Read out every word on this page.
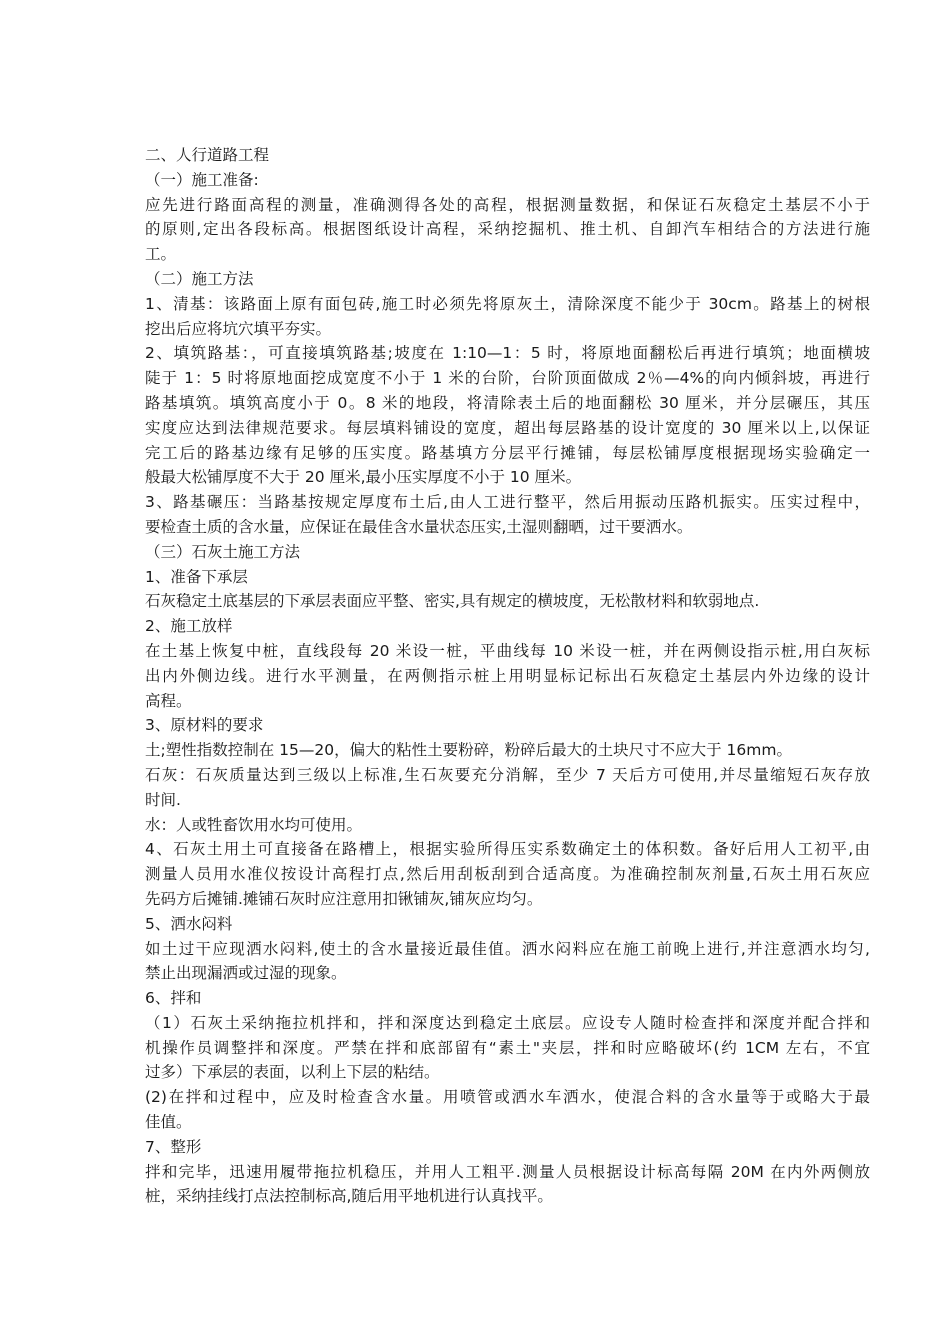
二、人行道路工程
（一）施工准备:
应先进行路面高程的测量，准确测得各处的高程，根据测量数据，和保证石灰稳定土基层不小于
的原则,定出各段标高。根据图纸设计高程，采纳挖掘机、推土机、自卸汽车相结合的方法进行施
工。
（二）施工方法
1、清基：该路面上原有面包砖,施工时必须先将原灰土，清除深度不能少于 30cm。路基上的树根
挖出后应将坑穴填平夯实。
2、填筑路基：，可直接填筑路基;坡度在 1:10—1：5 时，将原地面翻松后再进行填筑；地面横坡
陡于 1：5 时将原地面挖成宽度不小于 1 米的台阶，台阶顶面做成 2％—4%的向内倾斜坡，再进行
路基填筑。填筑高度小于 0。8 米的地段，将清除表土后的地面翻松 30 厘米，并分层碾压，其压
实度应达到法律规范要求。每层填料铺设的宽度，超出每层路基的设计宽度的 30 厘米以上,以保证
完工后的路基边缘有足够的压实度。路基填方分层平行摊铺，每层松铺厚度根据现场实验确定一
般最大松铺厚度不大于 20 厘米,最小压实厚度不小于 10 厘米。
3、路基碾压：当路基按规定厚度布土后,由人工进行整平，然后用振动压路机振实。压实过程中，
要检查土质的含水量，应保证在最佳含水量状态压实,土湿则翻晒，过干要洒水。
（三）石灰土施工方法
1、准备下承层
石灰稳定土底基层的下承层表面应平整、密实,具有规定的横坡度，无松散材料和软弱地点.
2、施工放样
在土基上恢复中桩，直线段每 20 米设一桩，平曲线每 10 米设一桩，并在两侧设指示桩,用白灰标
出内外侧边线。进行水平测量，在两侧指示桩上用明显标记标出石灰稳定土基层内外边缘的设计
高程。
3、原材料的要求
土;塑性指数控制在 15—20，偏大的粘性土要粉碎，粉碎后最大的土块尺寸不应大于 16mm。
石灰：石灰质量达到三级以上标准,生石灰要充分消解，至少 7 天后方可使用,并尽量缩短石灰存放
时间.
水：人或牲畜饮用水均可使用。
4、石灰土用土可直接备在路槽上，根据实验所得压实系数确定土的体积数。备好后用人工初平,由
测量人员用水准仪按设计高程打点,然后用刮板刮到合适高度。为准确控制灰剂量,石灰土用石灰应
先码方后摊铺.摊铺石灰时应注意用扣锹铺灰,铺灰应均匀。
5、洒水闷料
如土过干应现洒水闷料,使土的含水量接近最佳值。洒水闷料应在施工前晚上进行,并注意洒水均匀,
禁止出现漏洒或过湿的现象。
6、拌和
（1）石灰土采纳拖拉机拌和，拌和深度达到稳定土底层。应设专人随时检查拌和深度并配合拌和
机操作员调整拌和深度。严禁在拌和底部留有“素土"夹层，拌和时应略破坏(约 1CM 左右，不宜
过多）下承层的表面，以利上下层的粘结。
(2)在拌和过程中，应及时检查含水量。用喷管或洒水车洒水，使混合料的含水量等于或略大于最
佳值。
7、整形
拌和完毕，迅速用履带拖拉机稳压，并用人工粗平.测量人员根据设计标高每隔 20M 在内外两侧放
桩，采纳挂线打点法控制标高,随后用平地机进行认真找平。
